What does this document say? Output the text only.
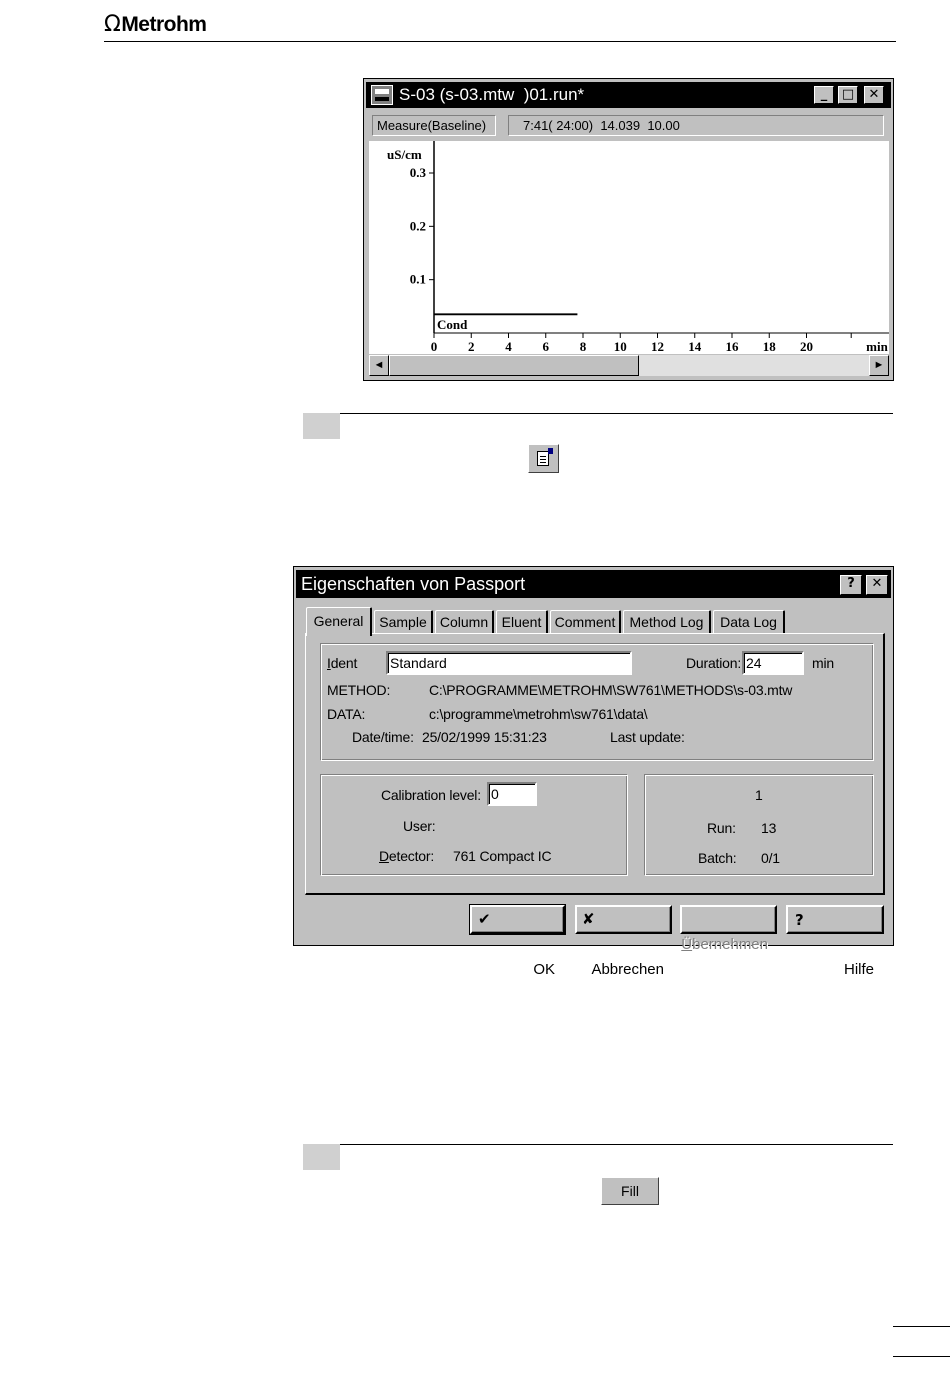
ΩMetrohm
S-03 (s-03.mtw  )01.run*	_	□	✕
Measure(Baseline)	7:41( 24:00)  14.039  10.00
uS/cm
0.3
0.2
0.1
0 2 4 6 8 10 12 14 16 18 20	min
Cond
◄	►
Eigenschaften von Passport	?	✕
General	Sample Column Eluent Comment	Method Log	Data Log
Ident Standard	Duration: 24	min
METHOD:	C:\PROGRAMME\METROHM\SW761\METHODS\s-03.mtw
DATA:	c:\programme\metrohm\sw761\data\
Date/time: 25/02/1999 15:31:23	Last update:
Calibration level: 0
User:
Detector: 761 Compact IC
1
Run: 13
Batch: 0/1

✔

OK

✘

Abbrechen

Übernehmen

?

Hilfe

Fill
